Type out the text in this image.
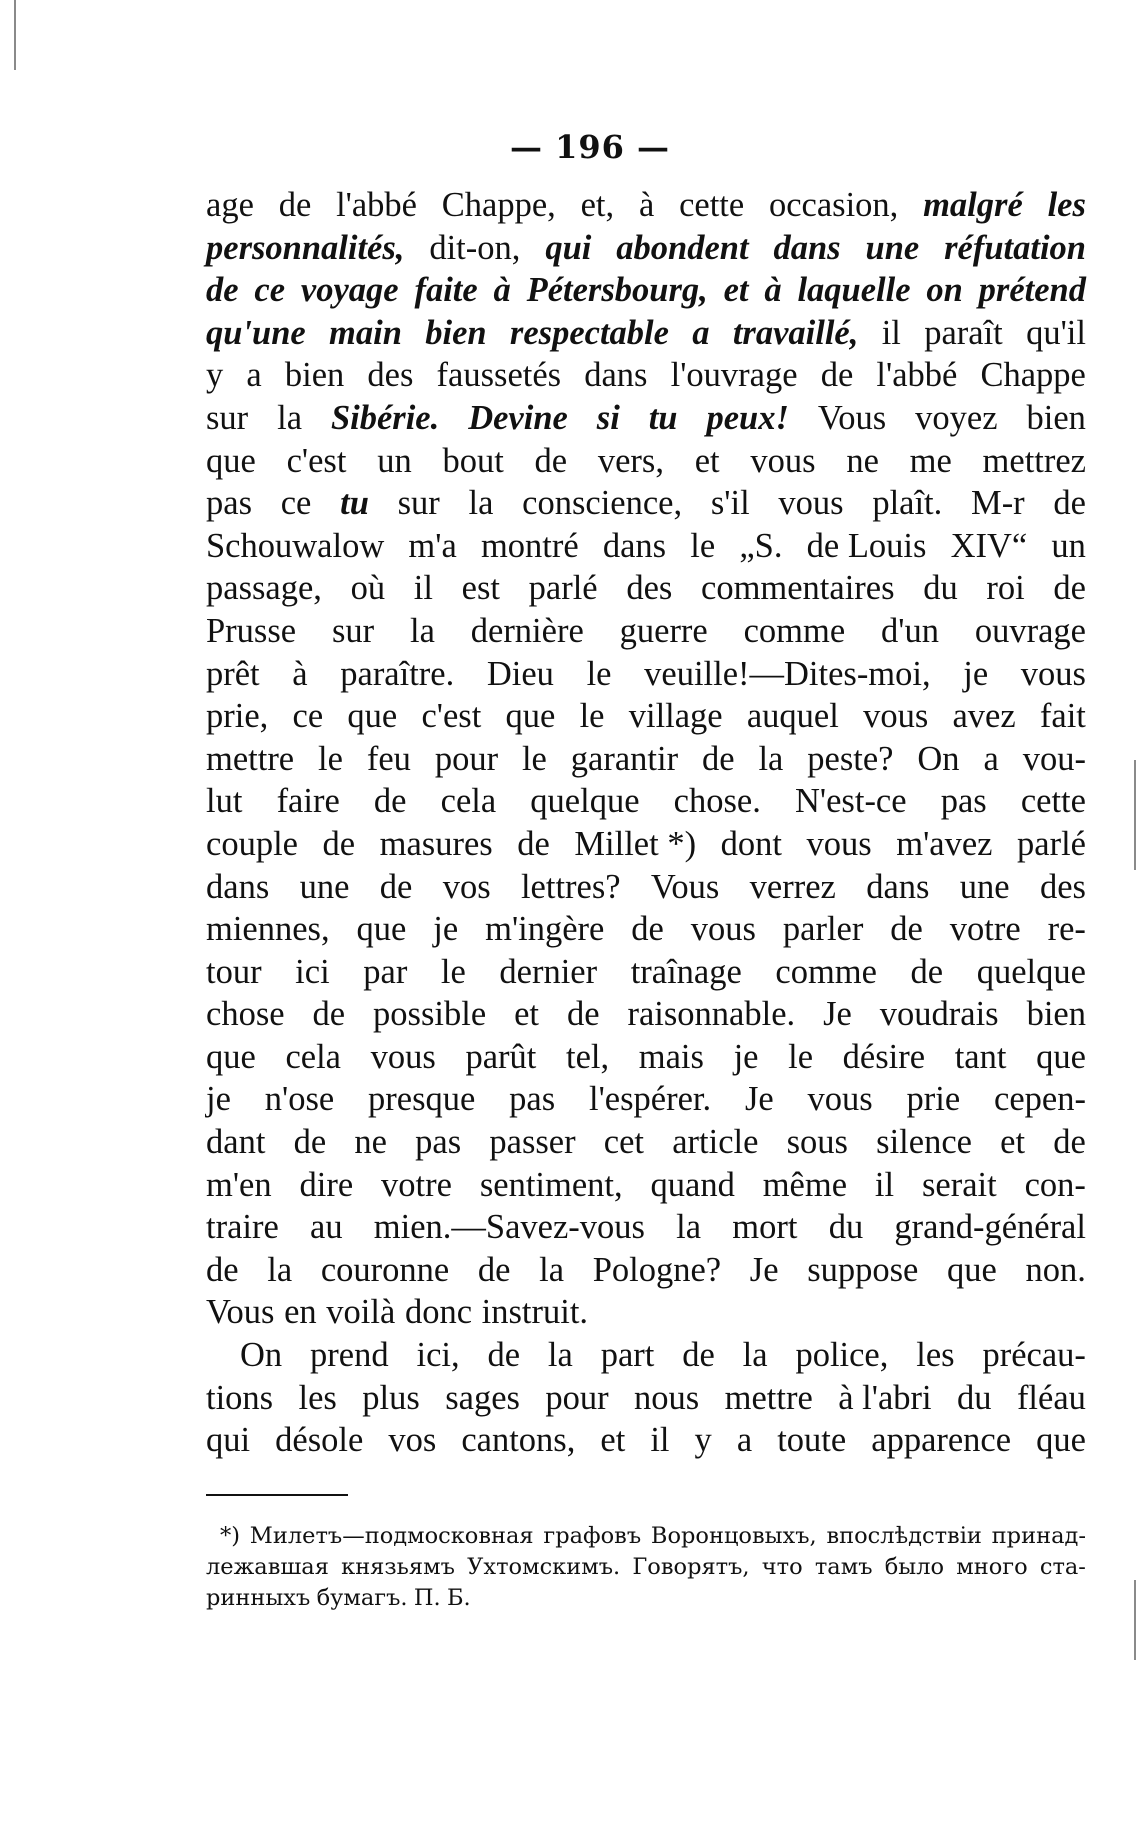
— 196 —
age de l'abbé Chappe, et, à cette occasion, malgré les
personnalités, dit-on, qui abondent dans une réfutation
de ce voyage faite à Pétersbourg, et à laquelle on prétend
qu'une main bien respectable a travaillé, il paraît qu'il
y a bien des faussetés dans l'ouvrage de l'abbé Chappe
sur la Sibérie. Devine si tu peux! Vous voyez bien
que c'est un bout de vers, et vous ne me mettrez
pas ce tu sur la conscience, s'il vous plaît. M-r de
Schouwalow m'a montré dans le „S. de Louis XIV“ un
passage, où il est parlé des commentaires du roi de
Prusse sur la dernière guerre comme d'un ouvrage
prêt à paraître. Dieu le veuille!—Dites-moi, je vous
prie, ce que c'est que le village auquel vous avez fait
mettre le feu pour le garantir de la peste? On a vou-
lut faire de cela quelque chose. N'est-ce pas cette
couple de masures de Millet *) dont vous m'avez parlé
dans une de vos lettres? Vous verrez dans une des
miennes, que je m'ingère de vous parler de votre re-
tour ici par le dernier traînage comme de quelque
chose de possible et de raisonnable. Je voudrais bien
que cela vous parût tel, mais je le désire tant que
je n'ose presque pas l'espérer. Je vous prie cepen-
dant de ne pas passer cet article sous silence et de
m'en dire votre sentiment, quand même il serait con-
traire au mien.—Savez-vous la mort du grand-général
de la couronne de la Pologne? Je suppose que non.
Vous en voilà donc instruit.
On prend ici, de la part de la police, les précau-
tions les plus sages pour nous mettre à l'abri du fléau
qui désole vos cantons, et il y a toute apparence que
*) Милетъ—подмосковная графовъ Воронцовыхъ, впослѣдствіи принад-
лежавшая князьямъ Ухтомскимъ. Говорятъ, что тамъ было много ста-
ринныхъ бумагъ. П. Б.
